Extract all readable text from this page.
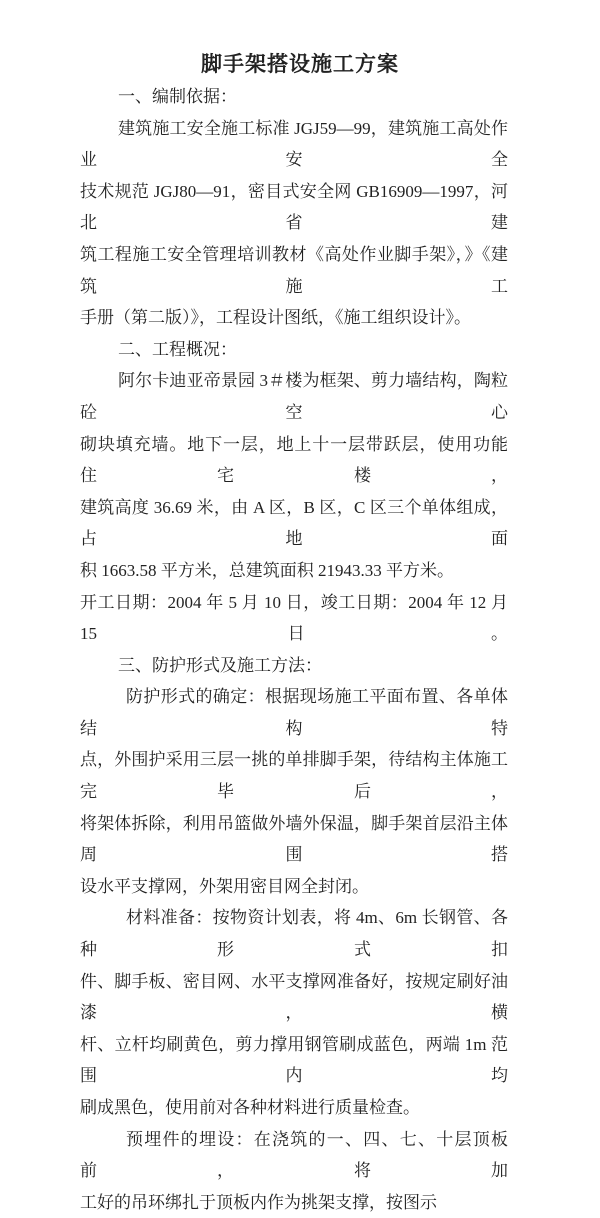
脚手架搭设施工方案
一、编制依据：
建筑施工安全施工标准 JGJ59—99，建筑施工高处作业安全
技术规范 JGJ80—91，密目式安全网 GB16909—1997，河北省建
筑工程施工安全管理培训教材《高处作业脚手架》，》《建筑施工
手册（第二版）》，工程设计图纸，《施工组织设计》。
二、工程概况：
阿尔卡迪亚帝景园 3＃楼为框架、剪力墙结构，陶粒砼空心
砌块填充墙。地下一层，地上十一层带跃层，使用功能 住宅楼，
建筑高度 36.69 米，由 A 区，B 区，C 区三个单体组成，占地面
积 1663.58 平方米，总建筑面积 21943.33 平方米。
开工日期：2004 年 5 月 10 日，竣工日期：2004 年 12 月 15 日。
三、防护形式及施工方法：
防护形式的确定：根据现场施工平面布置、各单体结构特
点，外围护采用三层一挑的单排脚手架，待结构主体施工完毕后，
将架体拆除，利用吊篮做外墙外保温，脚手架首层沿主体周围搭
设水平支撑网，外架用密目网全封闭。
材料准备：按物资计划表，将 4m、6m 长钢管、各种形式扣
件、脚手板、密目网、水平支撑网准备好，按规定刷好油漆，横
杆、立杆均刷黄色，剪力撑用钢管刷成蓝色，两端 1m 范围内均
刷成黑色，使用前对各种材料进行质量检查。
预埋件的埋设：在浇筑的一、四、七、十层顶板前，将加
工好的吊环绑扎于顶板内作为挑架支撑，按图示
